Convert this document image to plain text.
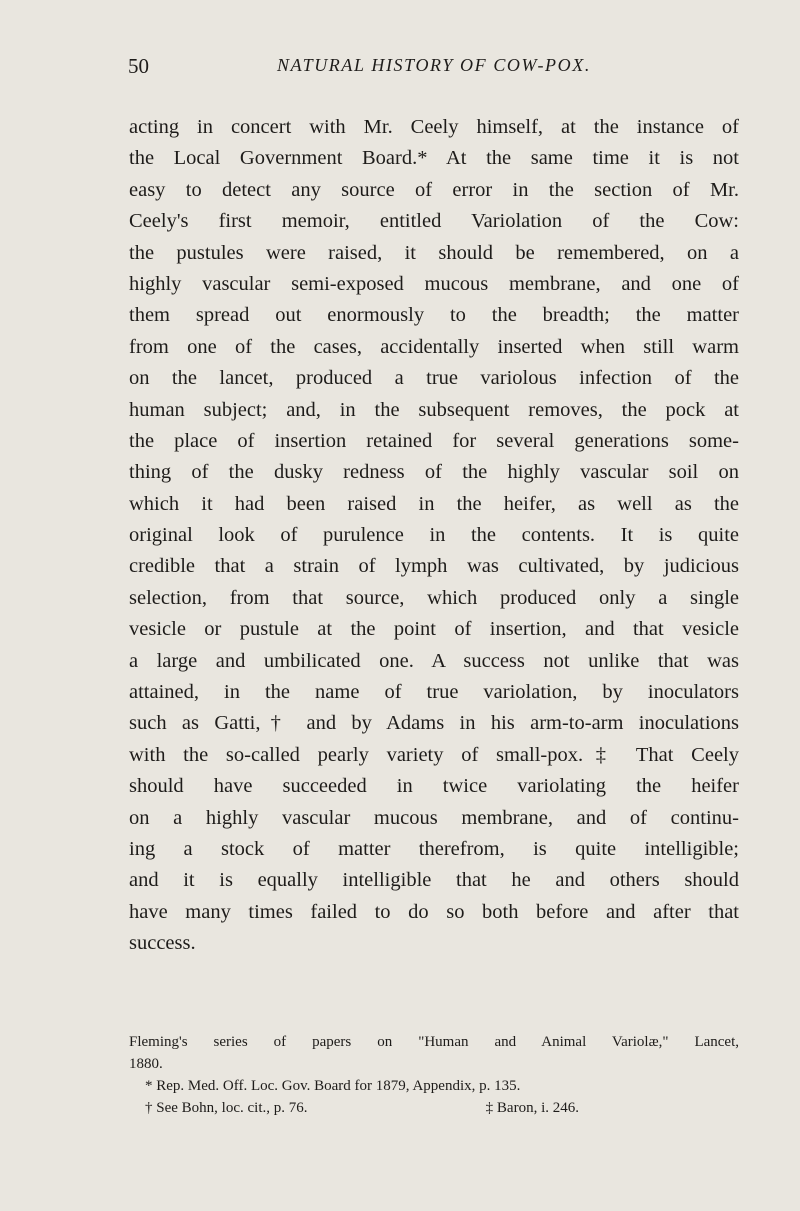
50	NATURAL HISTORY OF COW-POX.
acting in concert with Mr. Ceely himself, at the instance of
the Local Government Board.* At the same time it is not
easy to detect any source of error in the section of Mr.
Ceely's first memoir, entitled Variolation of the Cow:
the pustules were raised, it should be remembered, on a
highly vascular semi-exposed mucous membrane, and one of
them spread out enormously to the breadth; the matter
from one of the cases, accidentally inserted when still warm
on the lancet, produced a true variolous infection of the
human subject; and, in the subsequent removes, the pock at
the place of insertion retained for several generations some-
thing of the dusky redness of the highly vascular soil on
which it had been raised in the heifer, as well as the
original look of purulence in the contents. It is quite
credible that a strain of lymph was cultivated, by judicious
selection, from that source, which produced only a single
vesicle or pustule at the point of insertion, and that vesicle
a large and umbilicated one. A success not unlike that was
attained, in the name of true variolation, by inoculators
such as Gatti,† and by Adams in his arm-to-arm inoculations
with the so-called pearly variety of small-pox.‡ That Ceely
should have succeeded in twice variolating the heifer
on a highly vascular mucous membrane, and of continu-
ing a stock of matter therefrom, is quite intelligible;
and it is equally intelligible that he and others should
have many times failed to do so both before and after that
success.
Fleming's series of papers on "Human and Animal Variolæ," Lancet,
1880.
* Rep. Med. Off. Loc. Gov. Board for 1879, Appendix, p. 135.
† See Bohn, loc. cit., p. 76.	‡ Baron, i. 246.
